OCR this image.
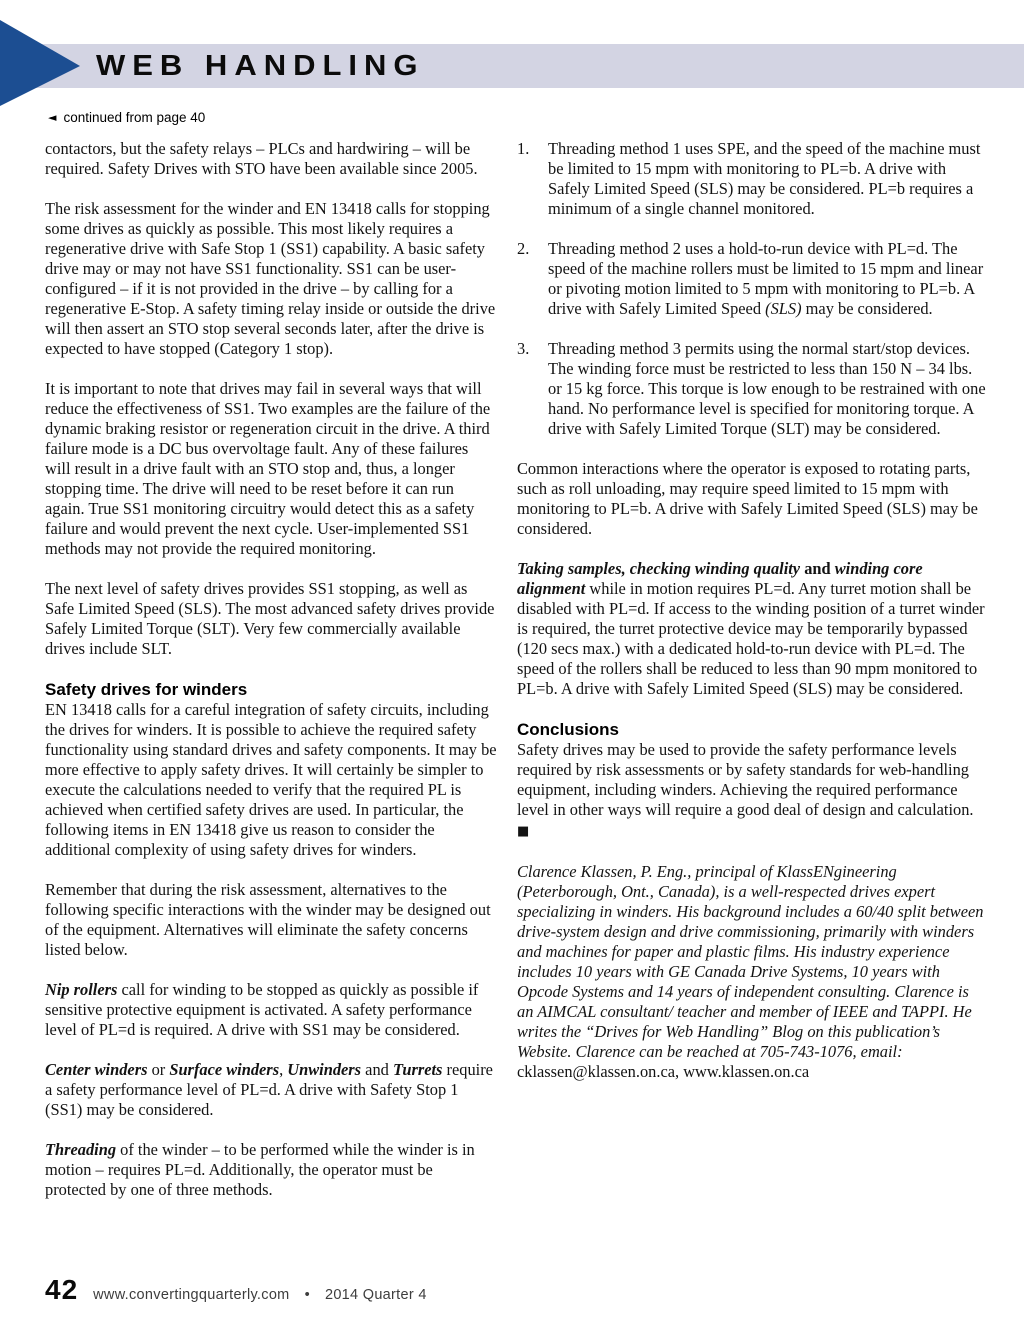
WEB HANDLING
◄ continued from page 40

contactors, but the safety relays – PLCs and hardwiring – will be required. Safety Drives with STO have been available since 2005.

The risk assessment for the winder and EN 13418 calls for stopping some drives as quickly as possible. This most likely requires a regenerative drive with Safe Stop 1 (SS1) capability. A basic safety drive may or may not have SS1 functionality. SS1 can be user-configured – if it is not provided in the drive – by calling for a regenerative E-Stop. A safety timing relay inside or outside the drive will then assert an STO stop several seconds later, after the drive is expected to have stopped (Category 1 stop).

It is important to note that drives may fail in several ways that will reduce the effectiveness of SS1. Two examples are the failure of the dynamic braking resistor or regeneration circuit in the drive. A third failure mode is a DC bus overvoltage fault. Any of these failures will result in a drive fault with an STO stop and, thus, a longer stopping time. The drive will need to be reset before it can run again. True SS1 monitoring circuitry would detect this as a safety failure and would prevent the next cycle. User-implemented SS1 methods may not provide the required monitoring.

The next level of safety drives provides SS1 stopping, as well as Safe Limited Speed (SLS). The most advanced safety drives provide Safely Limited Torque (SLT). Very few commercially available drives include SLT.

Safety drives for winders

EN 13418 calls for a careful integration of safety circuits, including the drives for winders. It is possible to achieve the required safety functionality using standard drives and safety components. It may be more effective to apply safety drives. It will certainly be simpler to execute the calculations needed to verify that the required PL is achieved when certified safety drives are used. In particular, the following items in EN 13418 give us reason to consider the additional complexity of using safety drives for winders.

Remember that during the risk assessment, alternatives to the following specific interactions with the winder may be designed out of the equipment. Alternatives will eliminate the safety concerns listed below.

Nip rollers call for winding to be stopped as quickly as possible if sensitive protective equipment is activated. A safety performance level of PL=d is required. A drive with SS1 may be considered.

Center winders or Surface winders, Unwinders and Turrets require a safety performance level of PL=d. A drive with Safety Stop 1 (SS1) may be considered.

Threading of the winder – to be performed while the winder is in motion – requires PL=d. Additionally, the operator must be protected by one of three methods.

1.	Threading method 1 uses SPE, and the speed of the machine must be limited to 15 mpm with monitoring to PL=b. A drive with Safely Limited Speed (SLS) may be considered. PL=b requires a minimum of a single channel monitored.
2.	Threading method 2 uses a hold-to-run device with PL=d. The speed of the machine rollers must be limited to 15 mpm and linear or pivoting motion limited to 5 mpm with monitoring to PL=b. A drive with Safely Limited Speed (SLS) may be considered.
3.	Threading method 3 permits using the normal start/stop devices. The winding force must be restricted to less than 150 N – 34 lbs. or 15 kg force. This torque is low enough to be restrained with one hand. No performance level is specified for monitoring torque. A drive with Safely Limited Torque (SLT) may be considered.

Common interactions where the operator is exposed to rotating parts, such as roll unloading, may require speed limited to 15 mpm with monitoring to PL=b. A drive with Safely Limited Speed (SLS) may be considered.

Taking samples, checking winding quality and winding core alignment while in motion requires PL=d. Any turret motion shall be disabled with PL=d. If access to the winding position of a turret winder is required, the turret protective device may be temporarily bypassed (120 secs max.) with a dedicated hold-to-run device with PL=d. The speed of the rollers shall be reduced to less than 90 mpm monitored to PL=b. A drive with Safely Limited Speed (SLS) may be considered.

Conclusions

Safety drives may be used to provide the safety performance levels required by risk assessments or by safety standards for web-handling equipment, including winders. Achieving the required performance level in other ways will require a good deal of design and calculation. ■

Clarence Klassen, P. Eng., principal of KlassENgineering (Peterborough, Ont., Canada), is a well-respected drives expert specializing in winders. His background includes a 60/40 split between drive-system design and drive commissioning, primarily with winders and machines for paper and plastic films. His industry experience includes 10 years with GE Canada Drive Systems, 10 years with Opcode Systems and 14 years of independent consulting. Clarence is an AIMCAL consultant/ teacher and member of IEEE and TAPPI. He writes the “Drives for Web Handling” Blog on this publication’s Website. Clarence can be reached at 705-743-1076, email: cklassen@klassen.on.ca, www.klassen.on.ca

42 www.convertingquarterly.com • 2014 Quarter 4
